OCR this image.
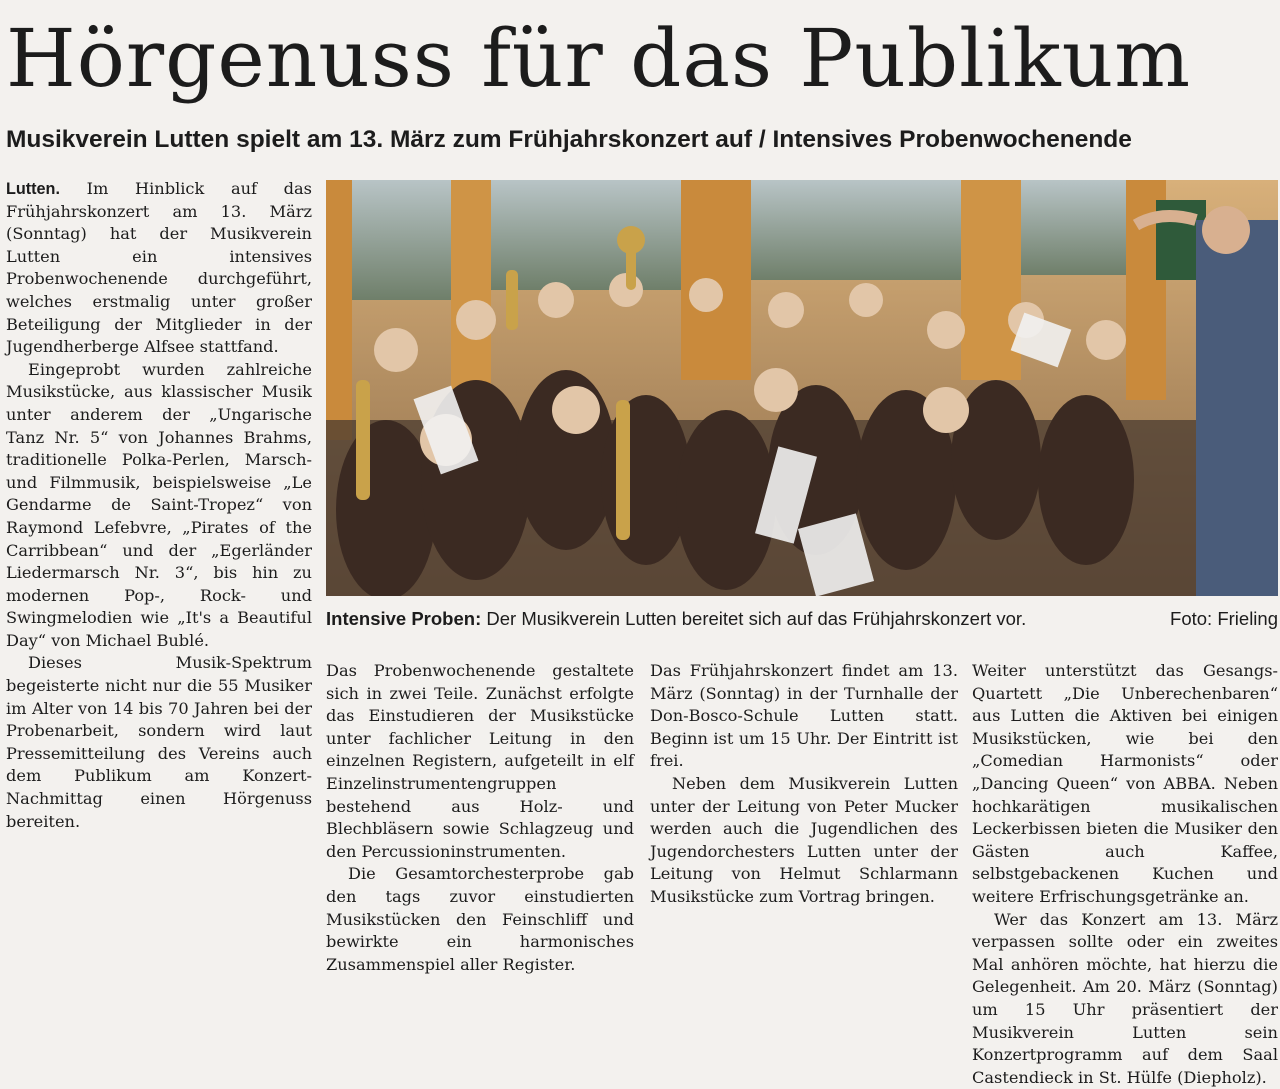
Hörgenuss für das Publikum
Musikverein Lutten spielt am 13. März zum Frühjahrskonzert auf / Intensives Probenwochenende

Lutten. Im Hinblick auf das Frühjahrskonzert am 13. März (Sonntag) hat der Musikverein Lutten ein intensives Probenwochenende durchgeführt, welches erstmalig unter großer Beteiligung der Mitglieder in der Jugendherberge Alfsee stattfand.

Eingeprobt wurden zahlreiche Musikstücke, aus klassischer Musik unter anderem der „Ungarische Tanz Nr. 5“ von Johannes Brahms, traditionelle Polka-Perlen, Marsch- und Filmmusik, beispielsweise „Le Gendarme de Saint-Tropez“ von Raymond Lefebvre, „Pirates of the Carribbean“ und der „Egerländer Liedermarsch Nr. 3“, bis hin zu modernen Pop-, Rock- und Swingmelodien wie „It's a Beautiful Day“ von Michael Bublé.

Dieses Musik-Spektrum begeisterte nicht nur die 55 Musiker im Alter von 14 bis 70 Jahren bei der Probenarbeit, sondern wird laut Pressemitteilung des Vereins auch dem Publikum am Konzert-Nachmittag einen Hörgenuss bereiten.

Intensive Proben: Der Musikverein Lutten bereitet sich auf das Frühjahrskonzert vor.	Foto: Frieling

Das Probenwochenende gestaltete sich in zwei Teile. Zunächst erfolgte das Einstudieren der Musikstücke unter fachlicher Leitung in den einzelnen Registern, aufgeteilt in elf Einzelinstrumentengruppen bestehend aus Holz- und Blechbläsern sowie Schlagzeug und den Percussioninstrumenten.

Die Gesamtorchesterprobe gab den tags zuvor einstudierten Musikstücken den Feinschliff und bewirkte ein harmonisches Zusammenspiel aller Register.

Das Frühjahrskonzert findet am 13. März (Sonntag) in der Turnhalle der Don-Bosco-Schule Lutten statt. Beginn ist um 15 Uhr. Der Eintritt ist frei.

Neben dem Musikverein Lutten unter der Leitung von Peter Mucker werden auch die Jugendlichen des Jugendorchesters Lutten unter der Leitung von Helmut Schlarmann Musikstücke zum Vortrag bringen.

Weiter unterstützt das Gesangs-Quartett „Die Unberechenbaren“ aus Lutten die Aktiven bei einigen Musikstücken, wie bei den „Comedian Harmonists“ oder „Dancing Queen“ von ABBA. Neben hochkarätigen musikalischen Leckerbissen bieten die Musiker den Gästen auch Kaffee, selbstgebackenen Kuchen und weitere Erfrischungsgetränke an.

Wer das Konzert am 13. März verpassen sollte oder ein zweites Mal anhören möchte, hat hierzu die Gelegenheit. Am 20. März (Sonntag) um 15 Uhr präsentiert der Musikverein Lutten sein Konzertprogramm auf dem Saal Castendieck in St. Hülfe (Diepholz).
